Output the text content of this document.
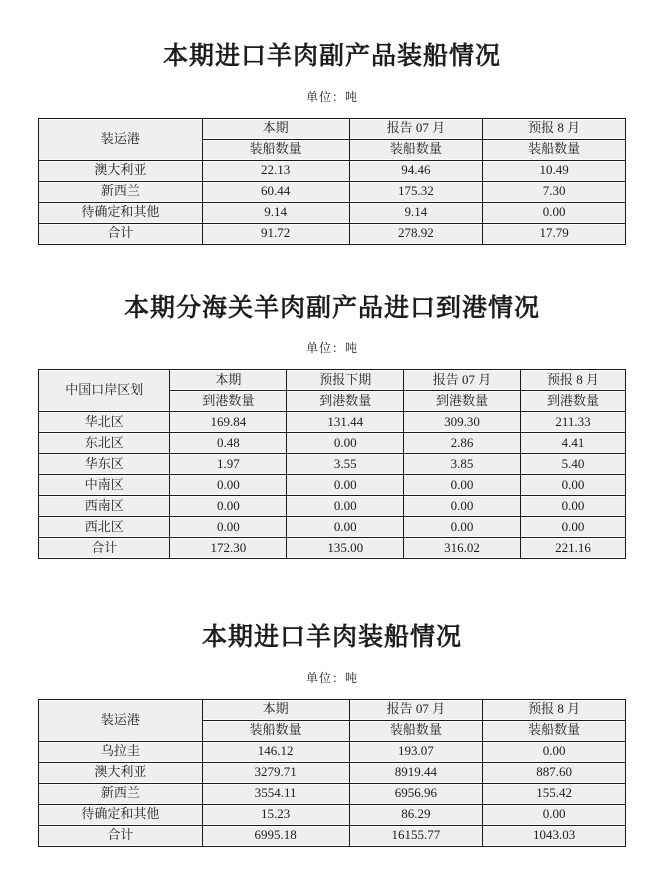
本期进口羊肉副产品装船情况
单位：吨
装运港	本期	报告 07 月	预报 8 月
	装船数量	装船数量	装船数量
澳大利亚	22.13	94.46	10.49
新西兰	60.44	175.32	7.30
待确定和其他	9.14	9.14	0.00
合计	91.72	278.92	17.79
本期分海关羊肉副产品进口到港情况
单位：吨
中国口岸区划	本期	预报下期	报告 07 月	预报 8 月
	到港数量	到港数量	到港数量	到港数量
华北区	169.84	131.44	309.30	211.33
东北区	0.48	0.00	2.86	4.41
华东区	1.97	3.55	3.85	5.40
中南区	0.00	0.00	0.00	0.00
西南区	0.00	0.00	0.00	0.00
西北区	0.00	0.00	0.00	0.00
合计	172.30	135.00	316.02	221.16
本期进口羊肉装船情况
单位：吨
装运港	本期	报告 07 月	预报 8 月
	装船数量	装船数量	装船数量
乌拉圭	146.12	193.07	0.00
澳大利亚	3279.71	8919.44	887.60
新西兰	3554.11	6956.96	155.42
待确定和其他	15.23	86.29	0.00
合计	6995.18	16155.77	1043.03
